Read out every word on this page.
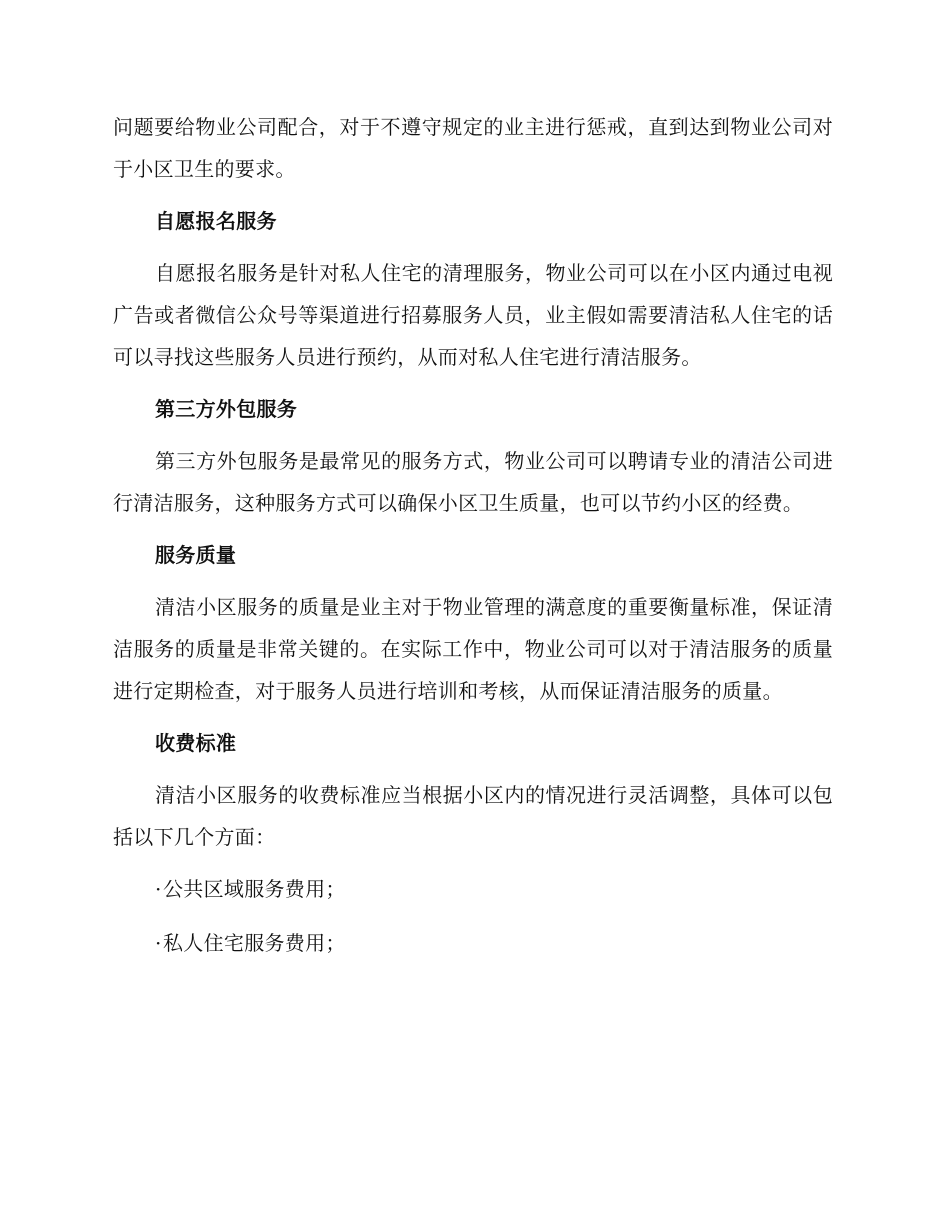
问题要给物业公司配合，对于不遵守规定的业主进行惩戒，直到达到物业公司对于小区卫生的要求。

自愿报名服务

自愿报名服务是针对私人住宅的清理服务，物业公司可以在小区内通过电视广告或者微信公众号等渠道进行招募服务人员，业主假如需要清洁私人住宅的话可以寻找这些服务人员进行预约，从而对私人住宅进行清洁服务。

第三方外包服务

第三方外包服务是最常见的服务方式，物业公司可以聘请专业的清洁公司进行清洁服务，这种服务方式可以确保小区卫生质量，也可以节约小区的经费。

服务质量

清洁小区服务的质量是业主对于物业管理的满意度的重要衡量标准，保证清洁服务的质量是非常关键的。在实际工作中，物业公司可以对于清洁服务的质量进行定期检查，对于服务人员进行培训和考核，从而保证清洁服务的质量。

收费标准

清洁小区服务的收费标准应当根据小区内的情况进行灵活调整，具体可以包括以下几个方面：

·公共区域服务费用；

·私人住宅服务费用；
